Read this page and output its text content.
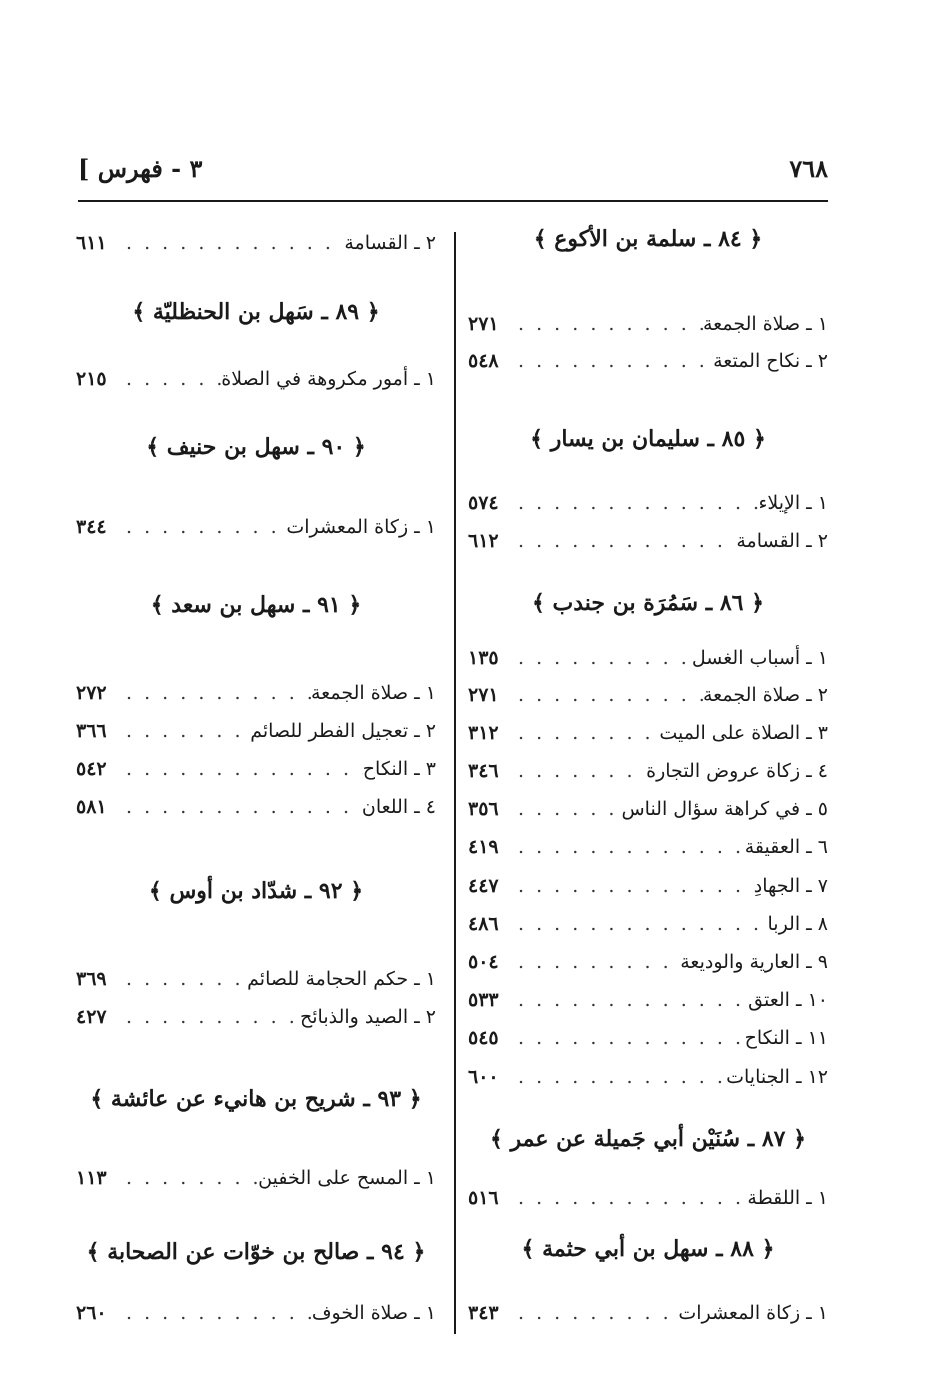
٧٦٨
[ ٣ - فهرس
﴿ ٨٤ ـ سلمة بن الأكوع ﴾
١ ـ صلاة الجمعة
. . .
٢٧١
٢ ـ نكاح المتعة
. . .
٥٤٨
﴿ ٨٥ ـ سليمان بن يسار ﴾
١ ـ الإيلاء
. . .
٥٧٤
٢ ـ القسامة
. . .
٦١٢
﴿ ٨٦ ـ سَمُرَة بن جندب ﴾
١ ـ أسباب الغسل
. . .
١٣٥
٢ ـ صلاة الجمعة
. . .
٢٧١
٣ ـ الصلاة على الميت
. . .
٣١٢
٤ ـ زكاة عروض التجارة
. . .
٣٤٦
٥ ـ في كراهة سؤال الناس
. . .
٣٥٦
٦ ـ العقيقة
. . .
٤١٩
٧ ـ الجهادِ
. . .
٤٤٧
٨ ـ الربا
. . .
٤٨٦
٩ ـ العارية والوديعة
. . .
٥٠٤
١٠ ـ العتق
. . .
٥٣٣
١١ ـ النكاح
. . .
٥٤٥
١٢ ـ الجنايات
. . .
٦٠٠
﴿ ٨٧ ـ سُنَيْن أبي جَميلة عن عمر ﴾
١ ـ اللقطة
. . .
٥١٦
﴿ ٨٨ ـ سهل بن أبي حثمة ﴾
١ ـ زكاة المعشرات
. . .
٣٤٣
٢ ـ القسامة
. . .
٦١١
﴿ ٨٩ ـ سَهل بن الحنظليّة ﴾
١ ـ أمور مكروهة في الصلاة
. . .
٢١٥
﴿ ٩٠ ـ سهل بن حنيف ﴾
١ ـ زكاة المعشرات
. . .
٣٤٤
﴿ ٩١ ـ سهل بن سعد ﴾
١ ـ صلاة الجمعة
. . .
٢٧٢
٢ ـ تعجيل الفطر للصائم
. . .
٣٦٦
٣ ـ النكاح
. . .
٥٤٢
٤ ـ اللعان
. . .
٥٨١
﴿ ٩٢ ـ شدّاد بن أوس ﴾
١ ـ حكم الحجامة للصائم
. . .
٣٦٩
٢ ـ الصيد والذبائح
. . .
٤٢٧
﴿ ٩٣ ـ شريح بن هانيء عن عائشة ﴾
١ ـ المسح على الخفين
. . .
١١٣
﴿ ٩٤ ـ صالح بن خوّات عن الصحابة ﴾
١ ـ صلاة الخوف
. . .
٢٦٠
